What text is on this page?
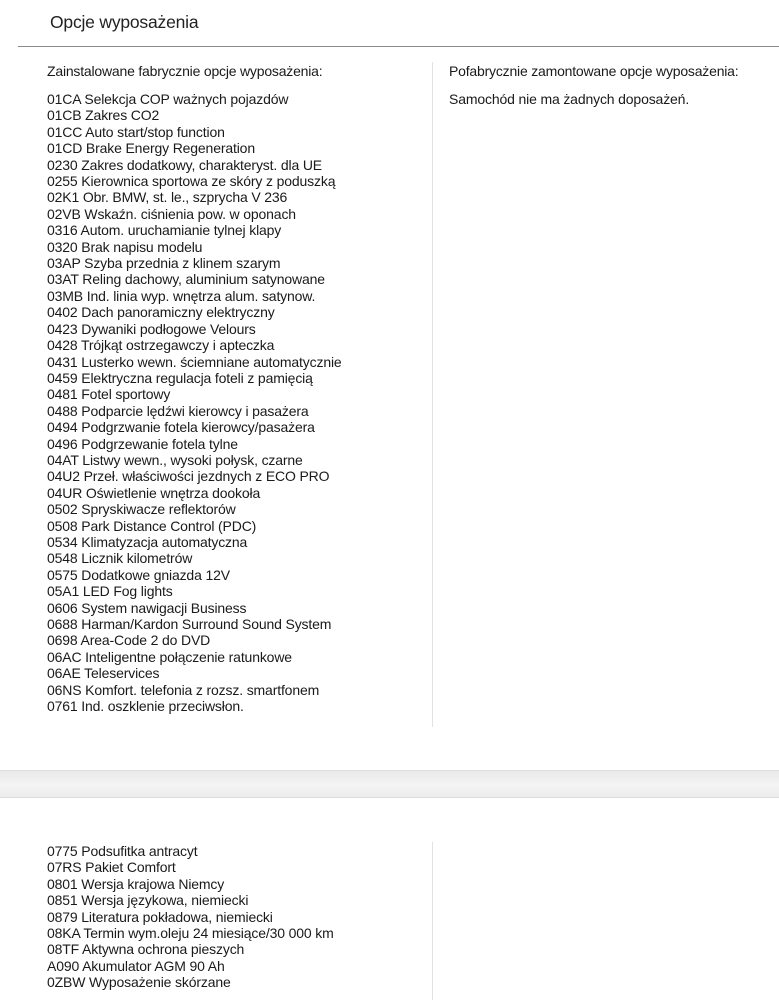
Opcje wyposażenia
Zainstalowane fabrycznie opcje wyposażenia:	Pofabrycznie zamontowane opcje wyposażenia:
01CA Selekcja COP ważnych pojazdów
01CB Zakres CO2
01CC Auto start/stop function
01CD Brake Energy Regeneration
0230 Zakres dodatkowy, charakteryst. dla UE
0255 Kierownica sportowa ze skóry z poduszką
02K1 Obr. BMW, st. le., szprycha V 236
02VB Wskaźn. ciśnienia pow. w oponach
0316 Autom. uruchamianie tylnej klapy
0320 Brak napisu modelu
03AP Szyba przednia z klinem szarym
03AT Reling dachowy, aluminium satynowane
03MB Ind. linia wyp. wnętrza alum. satynow.
0402 Dach panoramiczny elektryczny
0423 Dywaniki podłogowe Velours
0428 Trójkąt ostrzegawczy i apteczka
0431 Lusterko wewn. ściemniane automatycznie
0459 Elektryczna regulacja foteli z pamięcią
0481 Fotel sportowy
0488 Podparcie lędźwi kierowcy i pasażera
0494 Podgrzwanie fotela kierowcy/pasażera
0496 Podgrzewanie fotela tylne
04AT Listwy wewn., wysoki połysk, czarne
04U2 Przeł. właściwości jezdnych z ECO PRO
04UR Oświetlenie wnętrza dookoła
0502 Spryskiwacze reflektorów
0508 Park Distance Control (PDC)
0534 Klimatyzacja automatyczna
0548 Licznik kilometrów
0575 Dodatkowe gniazda 12V
05A1 LED Fog lights
0606 System nawigacji Business
0688 Harman/Kardon Surround Sound System
0698 Area-Code 2 do DVD
06AC Inteligentne połączenie ratunkowe
06AE Teleservices
06NS Komfort. telefonia z rozsz. smartfonem
0761 Ind. oszklenie przeciwsłon.
Samochód nie ma żadnych doposażeń.
0775 Podsufitka antracyt
07RS Pakiet Comfort
0801 Wersja krajowa Niemcy
0851 Wersja językowa, niemiecki
0879 Literatura pokładowa, niemiecki
08KA Termin wym.oleju 24 miesiące/30 000 km
08TF Aktywna ochrona pieszych
A090 Akumulator AGM 90 Ah
0ZBW Wyposażenie skórzane
